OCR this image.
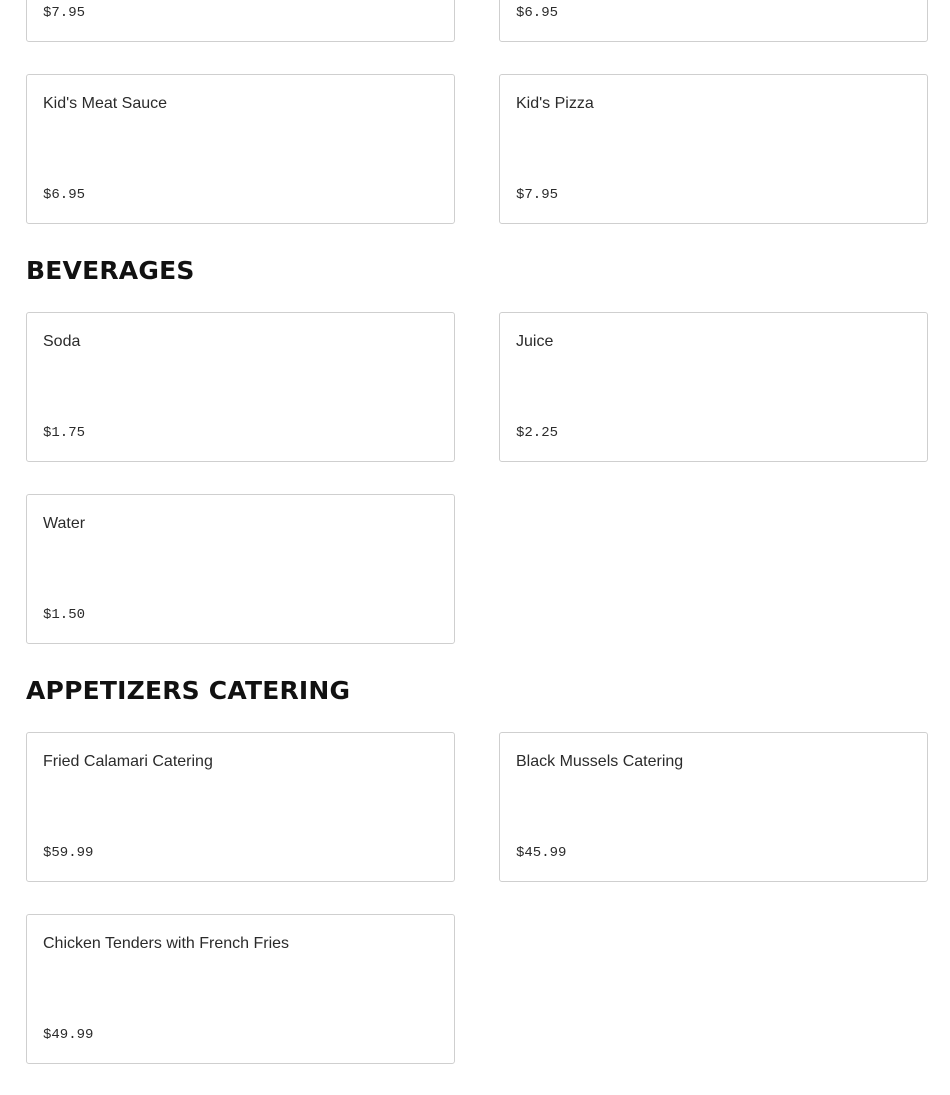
$7.95	$6.95
Kid's Meat Sauce
$6.95
Kid's Pizza
$7.95
BEVERAGES
Soda
$1.75
Juice
$2.25
Water
$1.50
APPETIZERS CATERING
Fried Calamari Catering
$59.99
Black Mussels Catering
$45.99
Chicken Tenders with French Fries
$49.99
